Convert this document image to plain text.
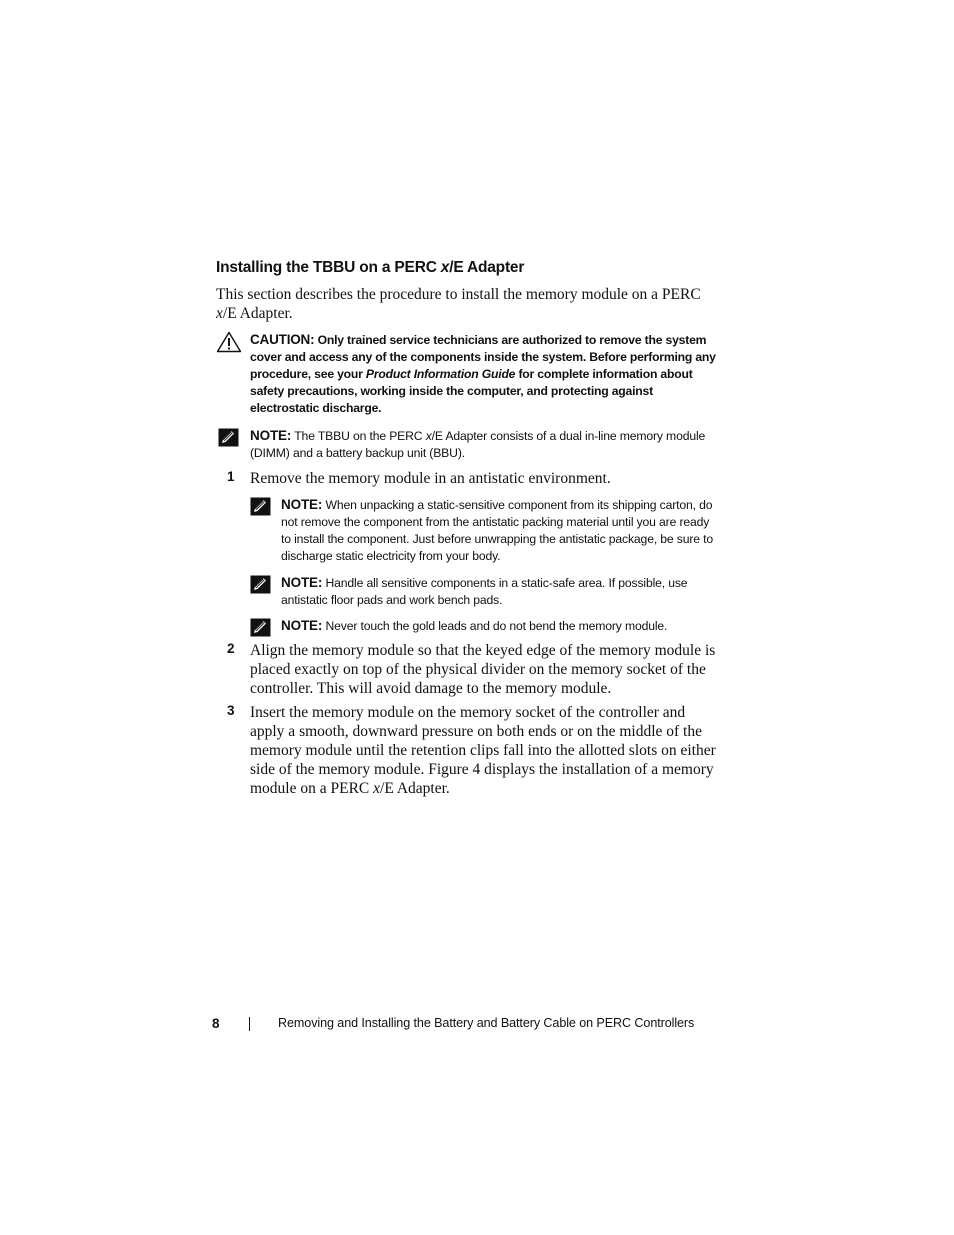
Installing the TBBU on a PERC x/E Adapter

This section describes the procedure to install the memory module on a PERC x/E Adapter.

CAUTION: Only trained service technicians are authorized to remove the system cover and access any of the components inside the system. Before performing any procedure, see your Product Information Guide for complete information about safety precautions, working inside the computer, and protecting against electrostatic discharge.

NOTE: The TBBU on the PERC x/E Adapter consists of a dual in-line memory module (DIMM) and a battery backup unit (BBU).

1 Remove the memory module in an antistatic environment.

NOTE: When unpacking a static-sensitive component from its shipping carton, do not remove the component from the antistatic packing material until you are ready to install the component. Just before unwrapping the antistatic package, be sure to discharge static electricity from your body.

NOTE: Handle all sensitive components in a static-safe area. If possible, use antistatic floor pads and work bench pads.

NOTE: Never touch the gold leads and do not bend the memory module.

2 Align the memory module so that the keyed edge of the memory module is placed exactly on top of the physical divider on the memory socket of the controller. This will avoid damage to the memory module.

3 Insert the memory module on the memory socket of the controller and apply a smooth, downward pressure on both ends or on the middle of the memory module until the retention clips fall into the allotted slots on either side of the memory module. Figure 4 displays the installation of a memory module on a PERC x/E Adapter.

8	Removing and Installing the Battery and Battery Cable on PERC Controllers
